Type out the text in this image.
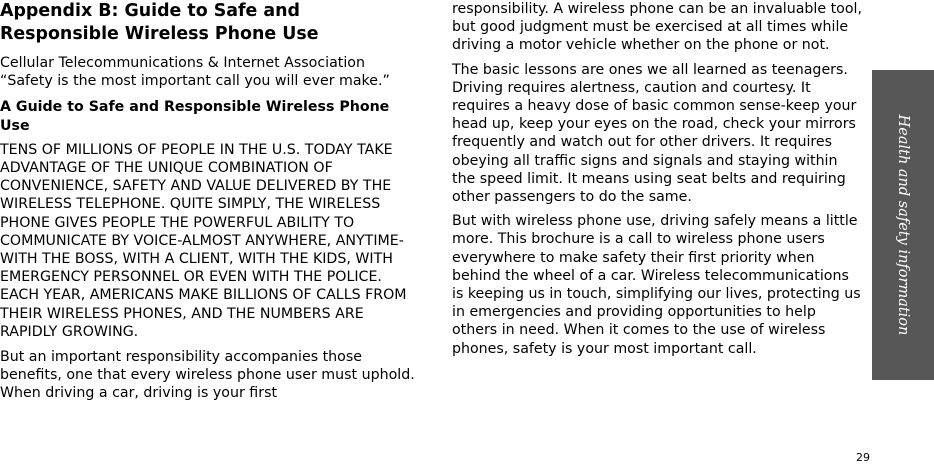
Appendix B: Guide to Safe and Responsible Wireless Phone Use

Cellular Telecommunications & Internet Association “Safety is the most important call you will ever make.”

A Guide to Safe and Responsible Wireless Phone Use

TENS OF MILLIONS OF PEOPLE IN THE U.S. TODAY TAKE ADVANTAGE OF THE UNIQUE COMBINATION OF CONVENIENCE, SAFETY AND VALUE DELIVERED BY THE WIRELESS TELEPHONE. QUITE SIMPLY, THE WIRELESS PHONE GIVES PEOPLE THE POWERFUL ABILITY TO COMMUNICATE BY VOICE-ALMOST ANYWHERE, ANYTIME-WITH THE BOSS, WITH A CLIENT, WITH THE KIDS, WITH EMERGENCY PERSONNEL OR EVEN WITH THE POLICE. EACH YEAR, AMERICANS MAKE BILLIONS OF CALLS FROM THEIR WIRELESS PHONES, AND THE NUMBERS ARE RAPIDLY GROWING.

But an important responsibility accompanies those benefits, one that every wireless phone user must uphold. When driving a car, driving is your first

responsibility. A wireless phone can be an invaluable tool, but good judgment must be exercised at all times while driving a motor vehicle whether on the phone or not.

The basic lessons are ones we all learned as teenagers. Driving requires alertness, caution and courtesy. It requires a heavy dose of basic common sense-keep your head up, keep your eyes on the road, check your mirrors frequently and watch out for other drivers. It requires obeying all traffic signs and signals and staying within the speed limit. It means using seat belts and requiring other passengers to do the same.

But with wireless phone use, driving safely means a little more. This brochure is a call to wireless phone users everywhere to make safety their first priority when behind the wheel of a car. Wireless telecommunications is keeping us in touch, simplifying our lives, protecting us in emergencies and providing opportunities to help others in need. When it comes to the use of wireless phones, safety is your most important call.

Health and safety information
29
